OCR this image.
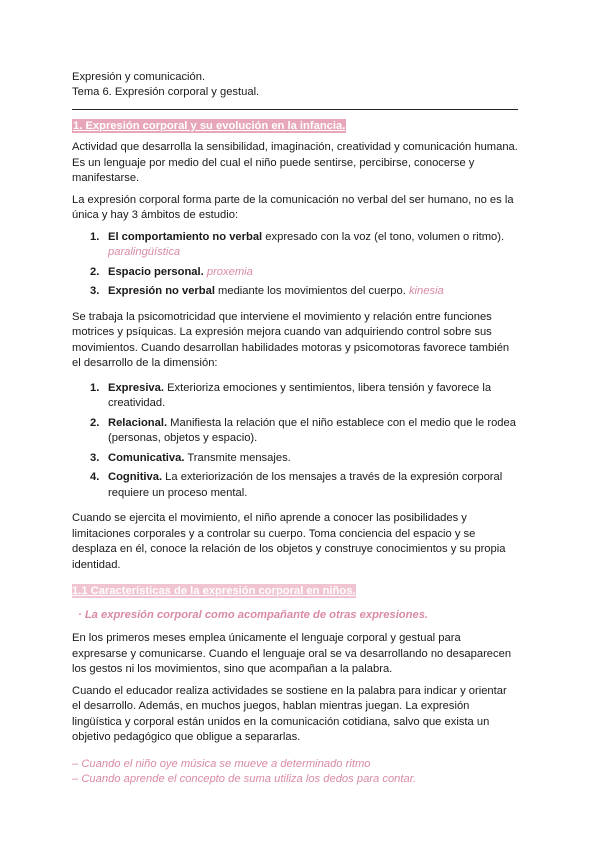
Expresión y comunicación.
Tema 6. Expresión corporal y gestual.
1. Expresión corporal y su evolución en la infancia.

Actividad que desarrolla la sensibilidad, imaginación, creatividad y comunicación humana. Es un lenguaje por medio del cual el niño puede sentirse, percibirse, conocerse y manifestarse.

La expresión corporal forma parte de la comunicación no verbal del ser humano, no es la única y hay 3 ámbitos de estudio:

1. El comportamiento no verbal expresado con la voz (el tono, volumen o ritmo).
paralingüística
2. Espacio personal. proxemia
3. Expresión no verbal mediante los movimientos del cuerpo. kinesia

Se trabaja la psicomotricidad que interviene el movimiento y relación entre funciones motrices y psíquicas. La expresión mejora cuando van adquiriendo control sobre sus movimientos. Cuando desarrollan habilidades motoras y psicomotoras favorece también el desarrollo de la dimensión:

1. Expresiva. Exterioriza emociones y sentimientos, libera tensión y favorece la creatividad.
2. Relacional. Manifiesta la relación que el niño establece con el medio que le rodea (personas, objetos y espacio).
3. Comunicativa. Transmite mensajes.
4. Cognitiva. La exteriorización de los mensajes a través de la expresión corporal requiere un proceso mental.

Cuando se ejercita el movimiento, el niño aprende a conocer las posibilidades y limitaciones corporales y a controlar su cuerpo. Toma conciencia del espacio y se desplaza en él, conoce la relación de los objetos y construye conocimientos y su propia identidad.

1.1 Características de la expresión corporal en niños.
· La expresión corporal como acompañante de otras expresiones.

En los primeros meses emplea únicamente el lenguaje corporal y gestual para expresarse y comunicarse. Cuando el lenguaje oral se va desarrollando no desaparecen los gestos ni los movimientos, sino que acompañan a la palabra.

Cuando el educador realiza actividades se sostiene en la palabra para indicar y orientar el desarrollo. Además, en muchos juegos, hablan mientras juegan. La expresión lingüística y corporal están unidos en la comunicación cotidiana, salvo que exista un objetivo pedagógico que obligue a separarlas.

– Cuando el niño oye música se mueve a determinado ritmo
– Cuando aprende el concepto de suma utiliza los dedos para contar.
